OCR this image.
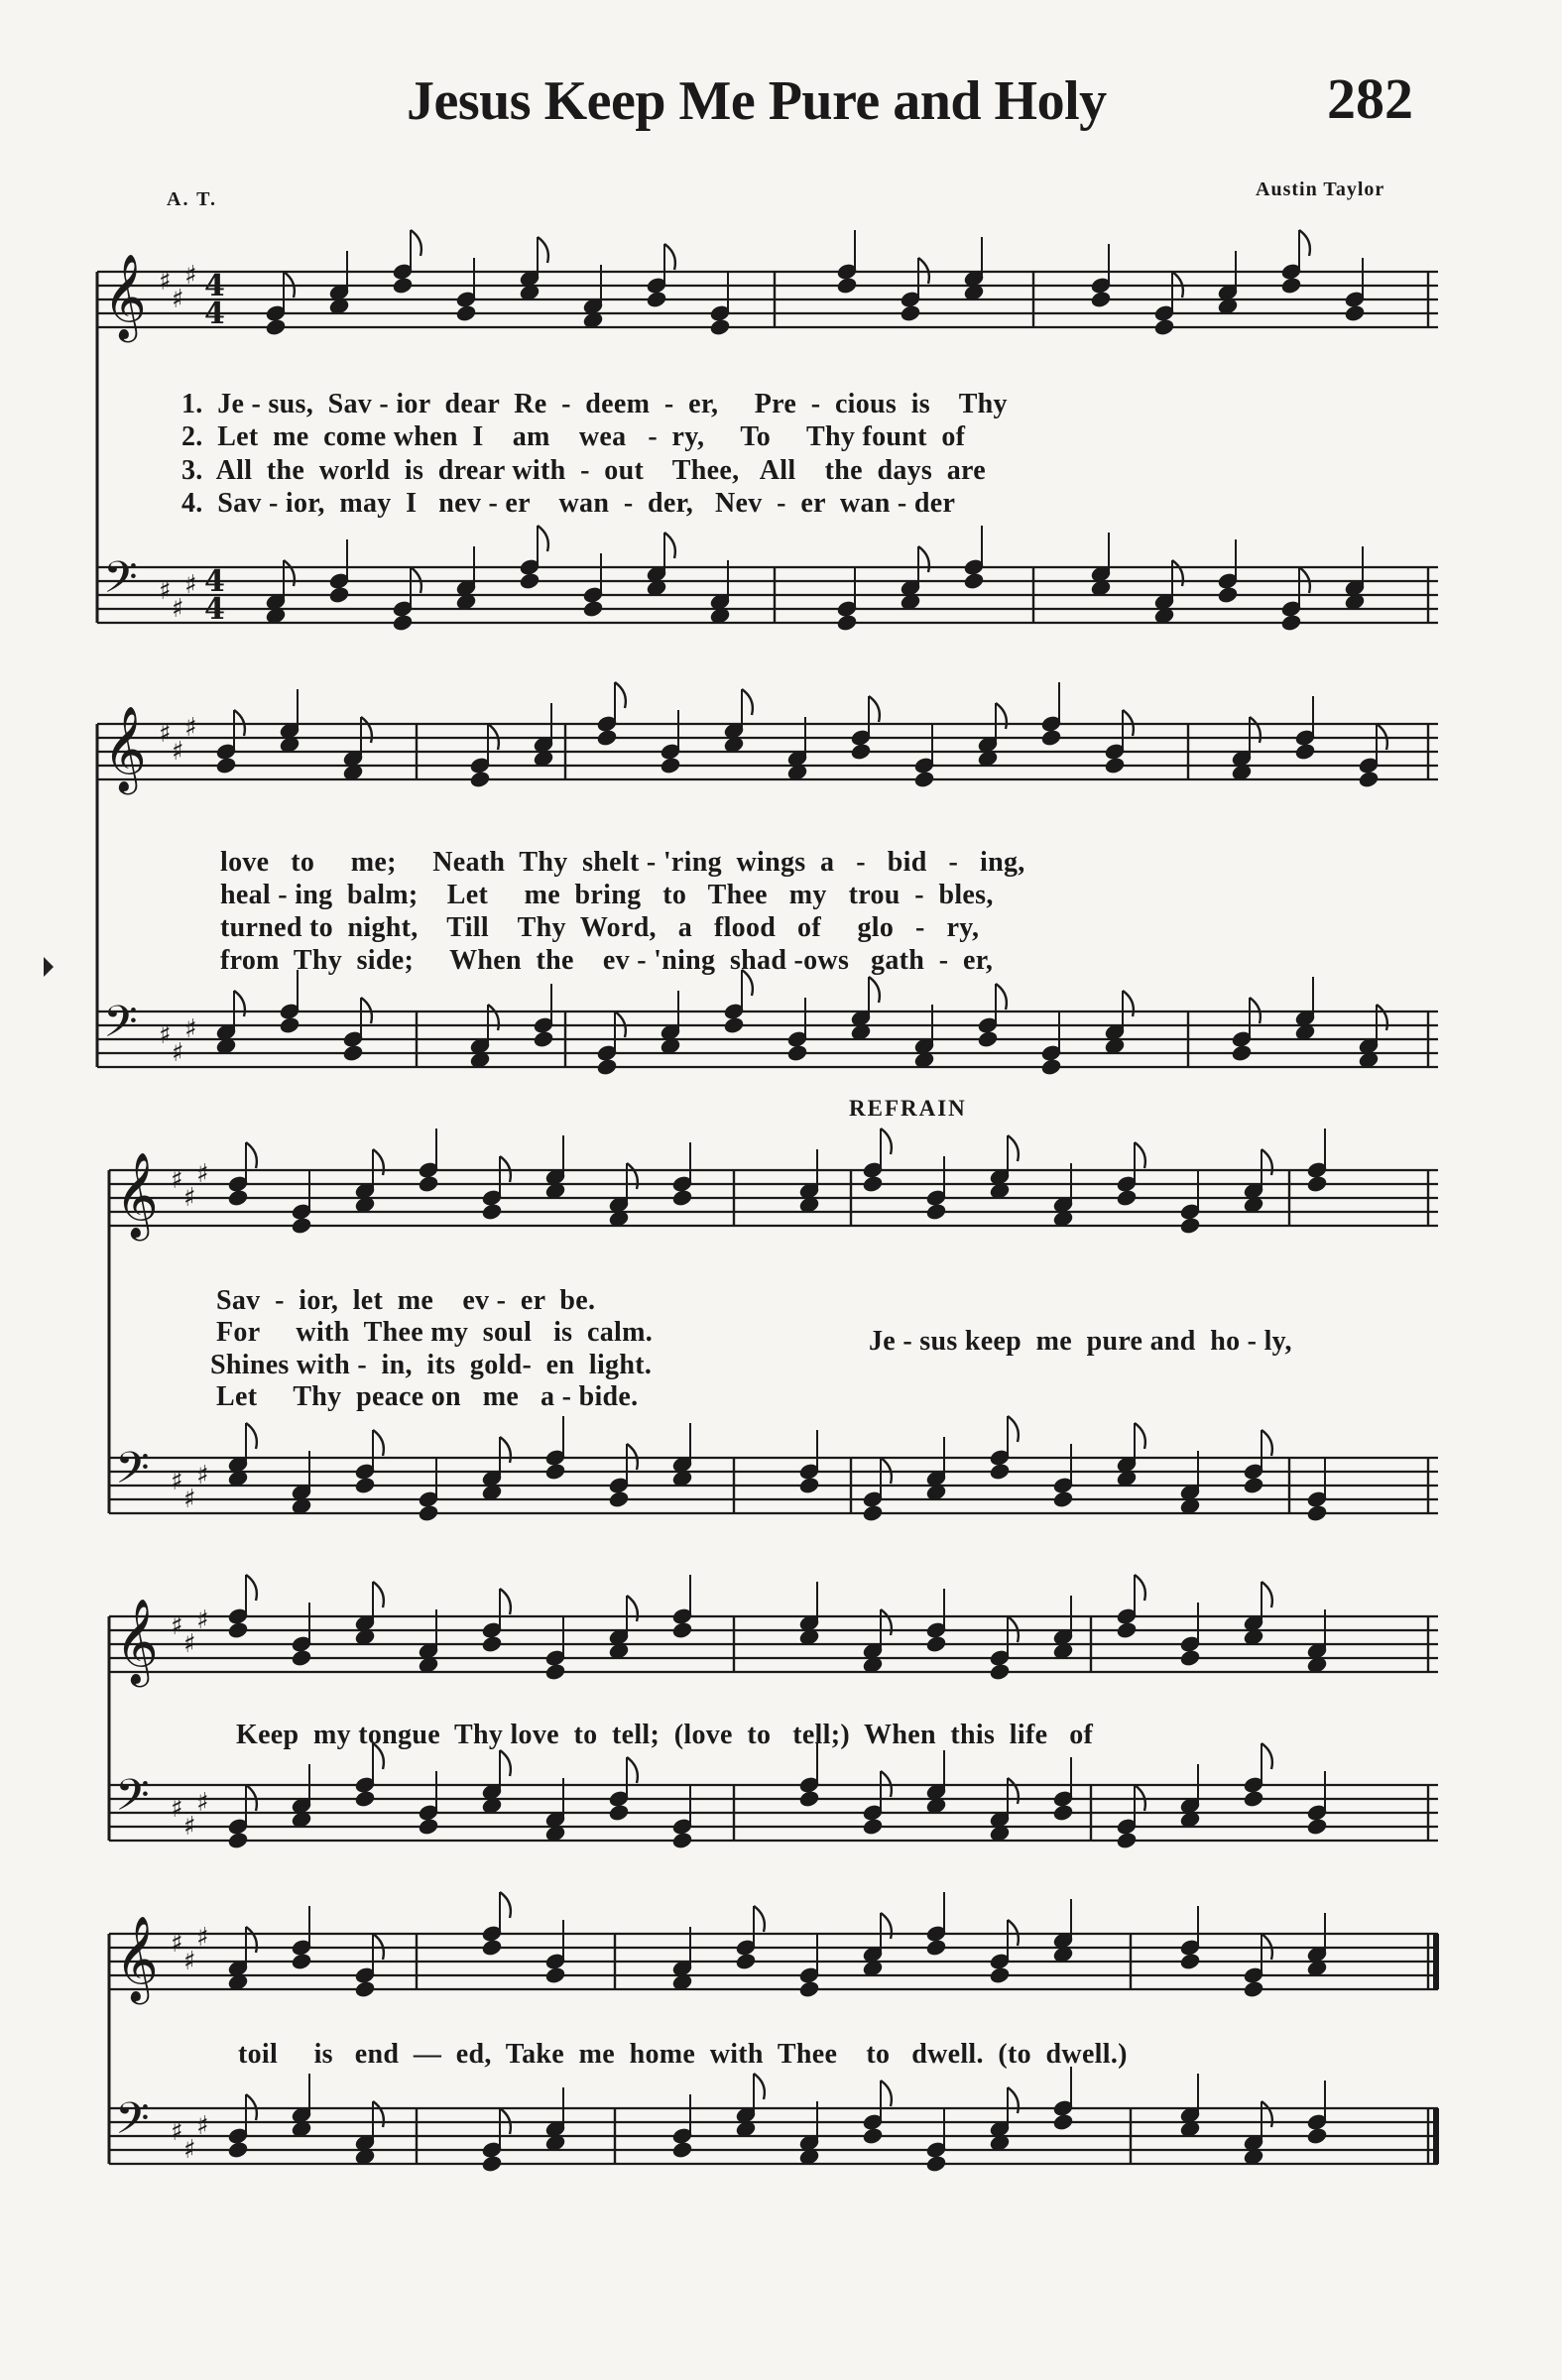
Jesus Keep Me Pure and Holy	282
A. T.	Austin Taylor
𝄞 ♯
♯
♯ 4
4
𝄢 ♯
♯
♯ 4
4
𝄞 ♯
♯
♯
𝄢 ♯
♯
♯
𝄞 ♯
♯
♯
𝄢 ♯
♯
♯
𝄞 ♯
♯
♯
𝄢 ♯
♯
♯
𝄞 ♯
♯
♯
𝄢 ♯
♯
♯
1.  Je - sus,  Sav - ior  dear  Re  -  deem  -  er,     Pre  -  cious  is    Thy
2.  Let  me  come when  I    am    wea   -  ry,     To     Thy fount  of
3.  All  the  world  is  drear with  -  out    Thee,   All    the  days  are
4.  Sav - ior,  may  I   nev - er    wan  -  der,   Nev  -  er  wan - der
love   to     me;     Neath  Thy  shelt - 'ring  wings  a   -   bid   -   ing,
heal - ing  balm;    Let     me  bring   to   Thee   my   trou  -  bles,
turned to  night,    Till    Thy  Word,   a   flood   of     glo   -   ry,
from  Thy  side;     When  the    ev - 'ning  shad -ows   gath  -  er,
REFRAIN
Sav  -  ior,  let  me    ev -  er  be.
For     with  Thee my  soul   is  calm.
Shines with -  in,  its  gold-  en  light.
Let     Thy  peace on   me   a - bide.
Je - sus keep  me  pure and  ho - ly,
Keep  my tongue  Thy love  to  tell;  (love  to   tell;)  When  this  life   of
toil     is   end  —  ed,  Take  me  home  with  Thee    to   dwell.  (to  dwell.)
